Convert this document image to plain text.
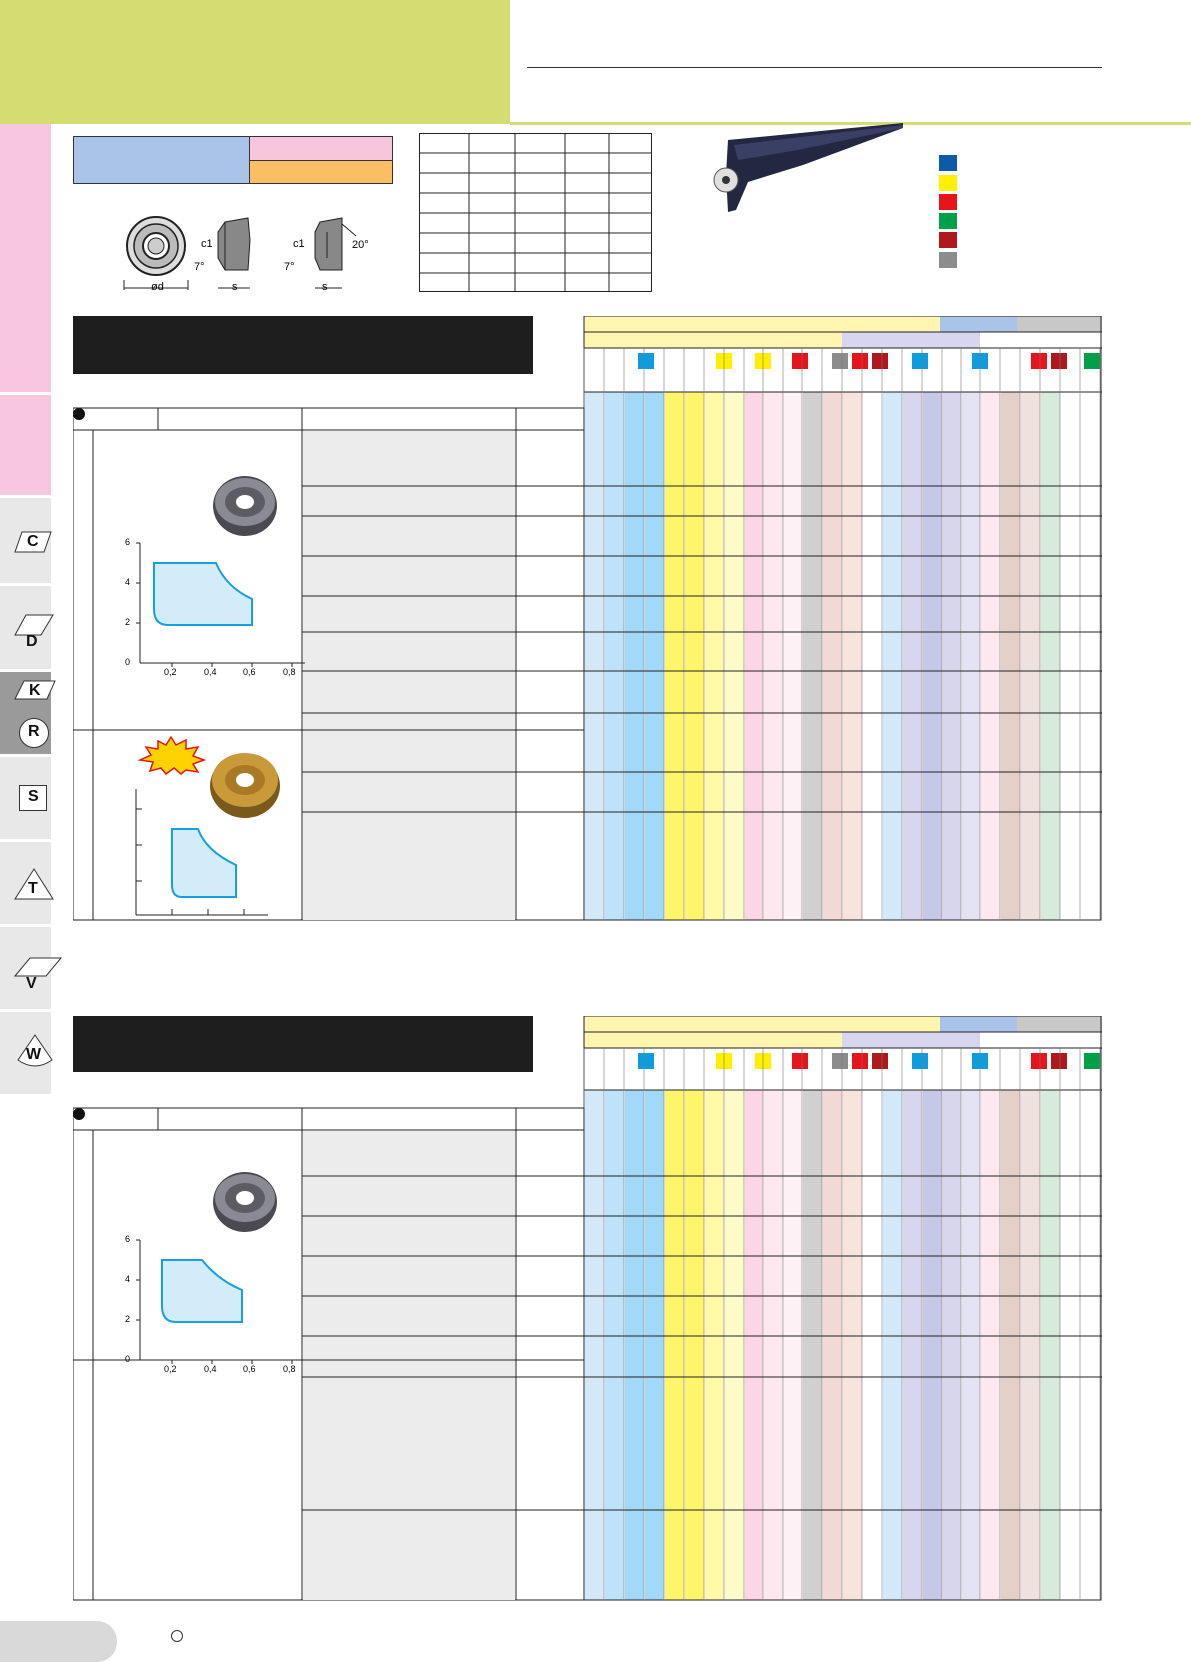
C
D
K
R
S
T
V
W
c1
7°
ød	s
c1
7°
20°
s
6
4
2
0
0,2	0,4	0,6	0,8
6
4
2
0
0,2	0,4	0,6	0,8
